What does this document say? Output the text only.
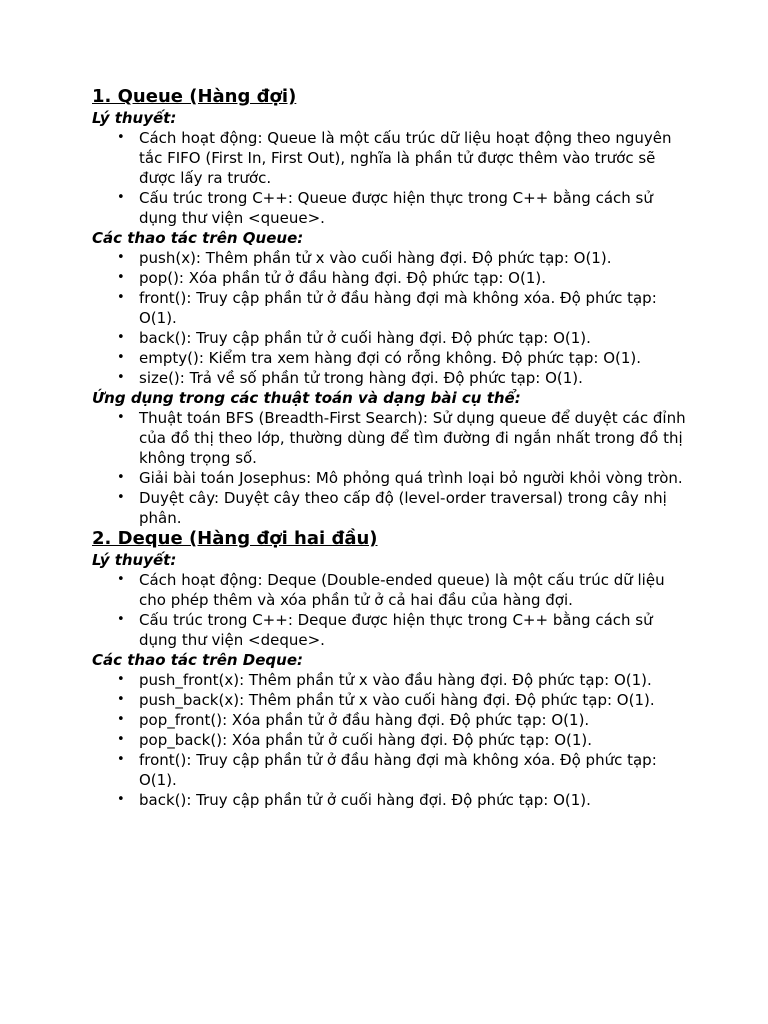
1. Queue (Hàng đợi)

Lý thuyết:

• Cách hoạt động: Queue là một cấu trúc dữ liệu hoạt động theo nguyên tắc FIFO (First In, First Out), nghĩa là phần tử được thêm vào trước sẽ được lấy ra trước.
• Cấu trúc trong C++: Queue được hiện thực trong C++ bằng cách sử dụng thư viện <queue>.

Các thao tác trên Queue:

• push(x): Thêm phần tử x vào cuối hàng đợi. Độ phức tạp: O(1).
• pop(): Xóa phần tử ở đầu hàng đợi. Độ phức tạp: O(1).
• front(): Truy cập phần tử ở đầu hàng đợi mà không xóa. Độ phức tạp: O(1).
• back(): Truy cập phần tử ở cuối hàng đợi. Độ phức tạp: O(1).
• empty(): Kiểm tra xem hàng đợi có rỗng không. Độ phức tạp: O(1).
• size(): Trả về số phần tử trong hàng đợi. Độ phức tạp: O(1).

Ứng dụng trong các thuật toán và dạng bài cụ thể:

• Thuật toán BFS (Breadth-First Search): Sử dụng queue để duyệt các đỉnh của đồ thị theo lớp, thường dùng để tìm đường đi ngắn nhất trong đồ thị không trọng số.
• Giải bài toán Josephus: Mô phỏng quá trình loại bỏ người khỏi vòng tròn.
• Duyệt cây: Duyệt cây theo cấp độ (level-order traversal) trong cây nhị phân.
2. Deque (Hàng đợi hai đầu)

Lý thuyết:

• Cách hoạt động: Deque (Double-ended queue) là một cấu trúc dữ liệu cho phép thêm và xóa phần tử ở cả hai đầu của hàng đợi.
• Cấu trúc trong C++: Deque được hiện thực trong C++ bằng cách sử dụng thư viện <deque>.

Các thao tác trên Deque:

• push_front(x): Thêm phần tử x vào đầu hàng đợi. Độ phức tạp: O(1).
• push_back(x): Thêm phần tử x vào cuối hàng đợi. Độ phức tạp: O(1).
• pop_front(): Xóa phần tử ở đầu hàng đợi. Độ phức tạp: O(1).
• pop_back(): Xóa phần tử ở cuối hàng đợi. Độ phức tạp: O(1).
• front(): Truy cập phần tử ở đầu hàng đợi mà không xóa. Độ phức tạp: O(1).
• back(): Truy cập phần tử ở cuối hàng đợi. Độ phức tạp: O(1).
